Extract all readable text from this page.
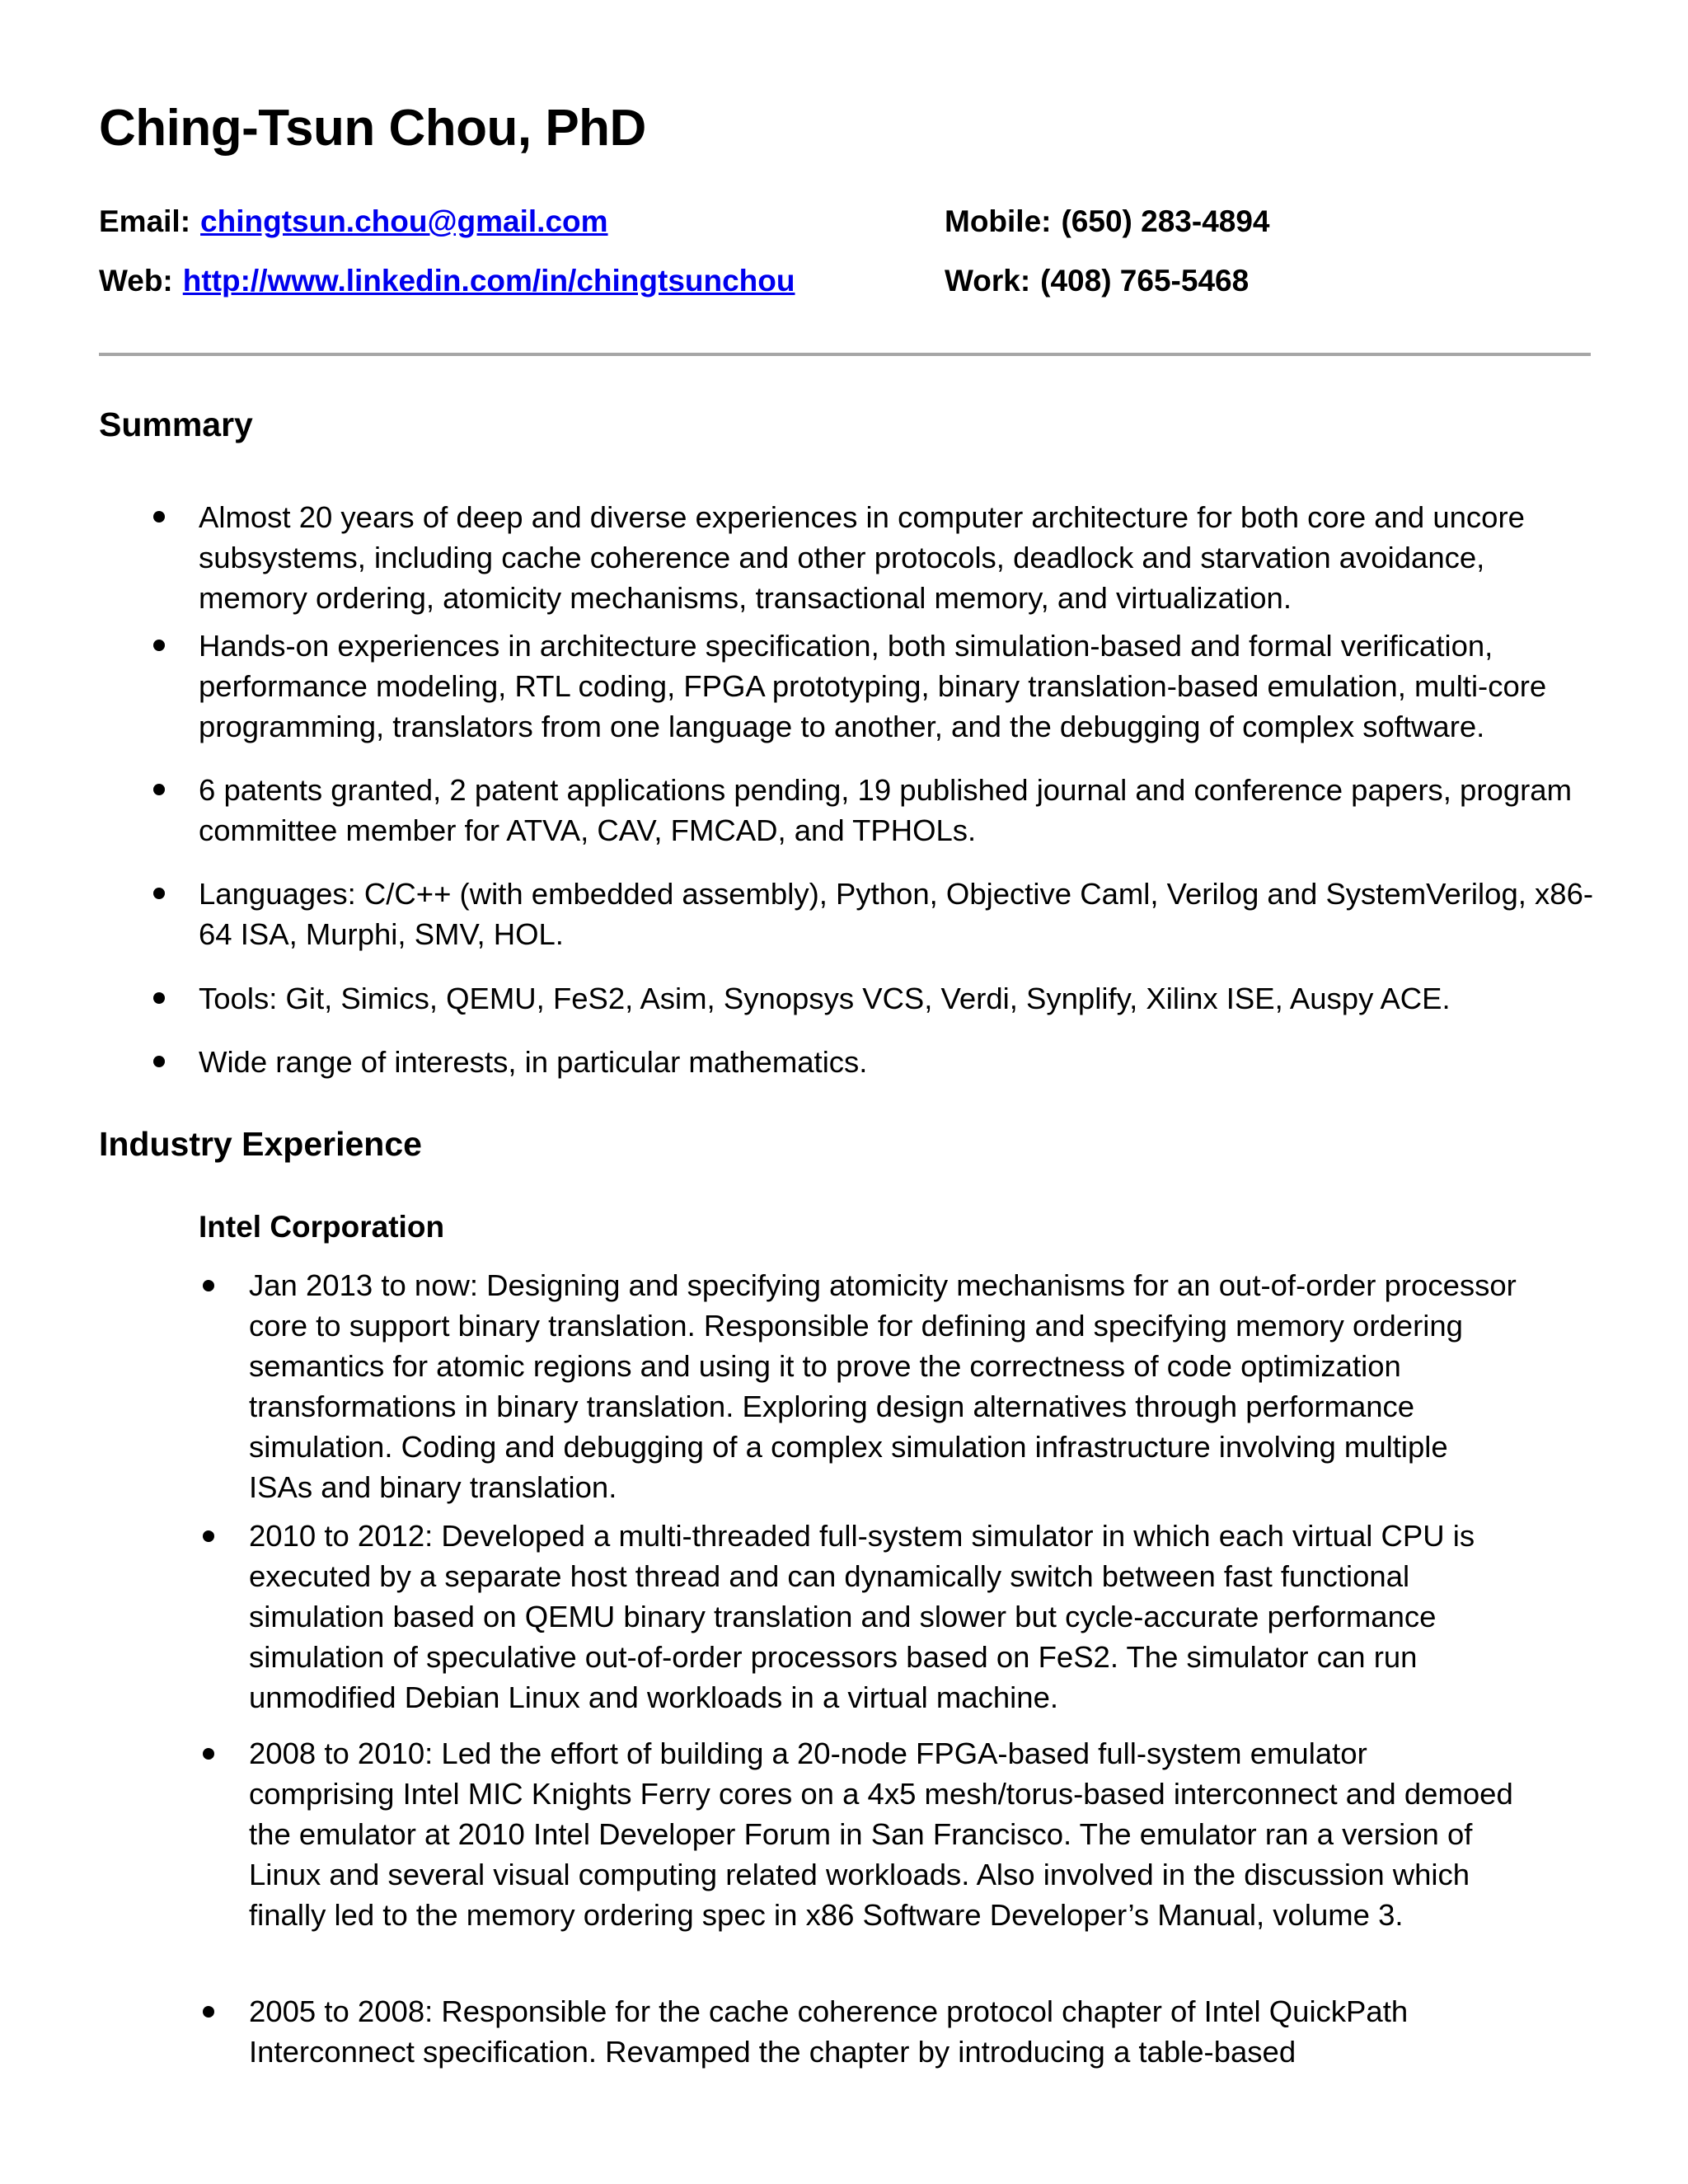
Ching-Tsun Chou, PhD
Email: chingtsun.chou@gmail.com
Web: http://www.linkedin.com/in/chingtsunchou
Mobile: (650) 283-4894
Work: (408) 765-5468
Summary
Almost 20 years of deep and diverse experiences in computer architecture for both core and uncore subsystems, including cache coherence and other protocols, deadlock and starvation avoidance, memory ordering, atomicity mechanisms, transactional memory, and virtualization.
Hands-on experiences in architecture specification, both simulation-based and formal verification, performance modeling, RTL coding, FPGA prototyping, binary translation-based emulation, multi-core programming, translators from one language to another, and the debugging of complex software.
6 patents granted, 2 patent applications pending, 19 published journal and conference papers, program committee member for ATVA, CAV, FMCAD, and TPHOLs.
Languages: C/C++ (with embedded assembly), Python, Objective Caml, Verilog and SystemVerilog, x86-64 ISA, Murphi, SMV, HOL.
Tools: Git, Simics, QEMU, FeS2, Asim, Synopsys VCS, Verdi, Synplify, Xilinx ISE, Auspy ACE.
Wide range of interests, in particular mathematics.
Industry Experience
Intel Corporation
Jan 2013 to now: Designing and specifying atomicity mechanisms for an out-of-order processor core to support binary translation. Responsible for defining and specifying memory ordering semantics for atomic regions and using it to prove the correctness of code optimization transformations in binary translation. Exploring design alternatives through performance simulation. Coding and debugging of a complex simulation infrastructure involving multiple ISAs and binary translation.
2010 to 2012: Developed a multi-threaded full-system simulator in which each virtual CPU is executed by a separate host thread and can dynamically switch between fast functional simulation based on QEMU binary translation and slower but cycle-accurate performance simulation of speculative out-of-order processors based on FeS2. The simulator can run unmodified Debian Linux and workloads in a virtual machine.
2008 to 2010: Led the effort of building a 20-node FPGA-based full-system emulator comprising Intel MIC Knights Ferry cores on a 4x5 mesh/torus-based interconnect and demoed the emulator at 2010 Intel Developer Forum in San Francisco. The emulator ran a version of Linux and several visual computing related workloads. Also involved in the discussion which finally led to the memory ordering spec in x86 Software Developer’s Manual, volume 3.
2005 to 2008: Responsible for the cache coherence protocol chapter of Intel QuickPath Interconnect specification. Revamped the chapter by introducing a table-based
